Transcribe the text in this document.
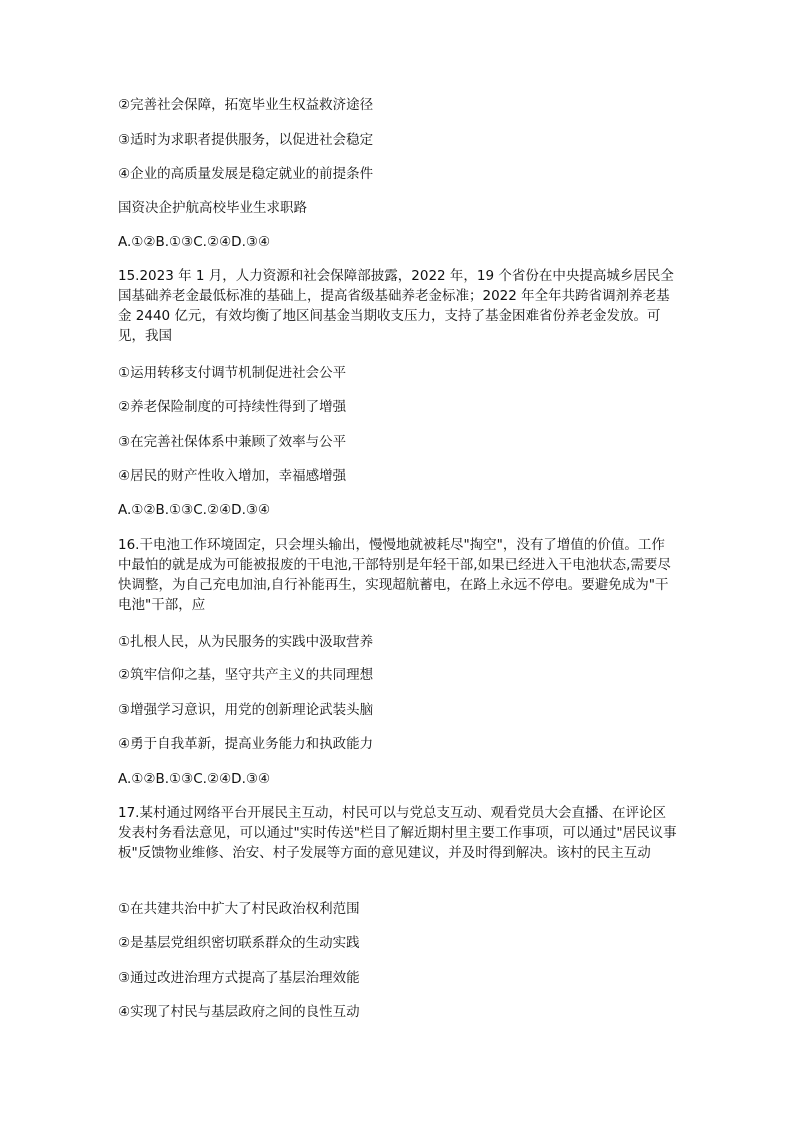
②完善社会保障，拓宽毕业生权益救济途径
③适时为求职者提供服务，以促进社会稳定
④企业的高质量发展是稳定就业的前提条件
国资决企护航高校毕业生求职路
A.①②B.①③C.②④D.③④
15.2023 年 1 月，人力资源和社会保障部披露，2022 年，19 个省份在中央提高城乡居民全国基础养老金最低标准的基础上，提高省级基础养老金标准；2022 年全年共跨省调剂养老基金 2440 亿元，有效均衡了地区间基金当期收支压力，支持了基金困难省份养老金发放。可见，我国
①运用转移支付调节机制促进社会公平
②养老保险制度的可持续性得到了增强
③在完善社保体系中兼顾了效率与公平
④居民的财产性收入增加，幸福感增强
A.①②B.①③C.②④D.③④
16.干电池工作环境固定，只会埋头输出，慢慢地就被耗尽"掏空"，没有了增值的价值。工作中最怕的就是成为可能被报废的干电池,干部特别是年轻干部,如果已经进入干电池状态,需要尽快调整，为自己充电加油,自行补能再生，实现超航蓄电，在路上永远不停电。要避免成为"干电池"干部，应
①扎根人民，从为民服务的实践中汲取营养
②筑牢信仰之基，坚守共产主义的共同理想
③增强学习意识，用党的创新理论武装头脑
④勇于自我革新，提高业务能力和执政能力
A.①②B.①③C.②④D.③④
17.某村通过网络平台开展民主互动，村民可以与党总支互动、观看党员大会直播、在评论区发表村务看法意见，可以通过"实时传送"栏目了解近期村里主要工作事项，可以通过"居民议事板"反馈物业维修、治安、村子发展等方面的意见建议，并及时得到解决。该村的民主互动
①在共建共治中扩大了村民政治权利范围
②是基层党组织密切联系群众的生动实践
③通过改进治理方式提高了基层治理效能
④实现了村民与基层政府之间的良性互动
